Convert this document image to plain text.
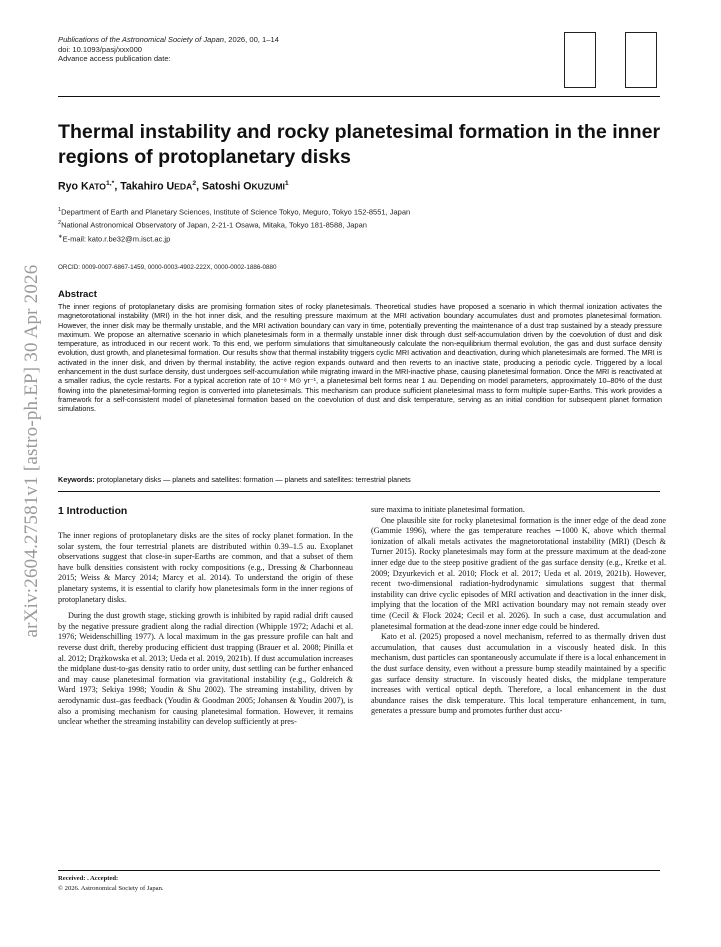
arXiv:2604.27581v1 [astro-ph.EP] 30 Apr 2026
Publications of the Astronomical Society of Japan, 2026, 00, 1–14
doi: 10.1093/pasj/xxx000
Advance access publication date:
Thermal instability and rocky planetesimal formation in the inner regions of protoplanetary disks
Ryo $KATO^{1,*}$, Takahiro UEDA$^2$, Satoshi OKUZUMI$^1$
$^1$Department of Earth and Planetary Sciences, Institute of Science Tokyo, Meguro, Tokyo 152-8551, Japan
$^2$National Astronomical Observatory of Japan, 2-21-1 Osawa, Mitaka, Tokyo 181-8588, Japan
∗E-mail: kato.r.be32@m.isct.ac.jp
ORCID: 0009-0007-6867-1459, 0000-0003-4902-222X, 0000-0002-1886-0880
Abstract
The inner regions of protoplanetary disks are promising formation sites of rocky planetesimals. Theoretical studies have proposed a scenario in which thermal ionization activates the magnetorotational instability (MRI) in the hot inner disk, and the resulting pressure maximum at the MRI activation boundary accumulates dust and promotes planetesimal formation. However, the inner disk may be thermally unstable, and the MRI activation boundary can vary in time, potentially preventing the maintenance of a dust trap sustained by a steady pressure maximum. We propose an alternative scenario in which planetesimals form in a thermally unstable inner disk through dust self-accumulation driven by the coevolution of dust and disk temperature, as introduced in our recent work. To this end, we perform simulations that simultaneously calculate the non-equilibrium thermal evolution, the gas and dust surface density evolution, dust growth, and planetesimal formation. Our results show that thermal instability triggers cyclic MRI activation and deactivation, during which planetesimals are formed. The MRI is activated in the inner disk, and driven by thermal instability, the active region expands outward and then reverts to an inactive state, producing a periodic cycle. Triggered by a local enhancement in the dust surface density, dust undergoes self-accumulation while migrating inward in the MRI-inactive phase, causing planetesimal formation. Once the MRI is reactivated at a smaller radius, the cycle restarts. For a typical accretion rate of 10⁻⁸ M⊙ yr⁻¹, a planetesimal belt forms near 1 au. Depending on model parameters, approximately 10–80% of the dust flowing into the planetesimal-forming region is converted into planetesimals. This mechanism can produce sufficient planetesimal mass to form multiple super-Earths. This work provides a framework for a self-consistent model of planetesimal formation based on the coevolution of dust and disk temperature, serving as an initial condition for subsequent planet formation simulations.
Keywords: protoplanetary disks — planets and satellites: formation — planets and satellites: terrestrial planets
1 Introduction

The inner regions of protoplanetary disks are the sites of rocky planet formation. In the solar system, the four terrestrial planets are distributed within 0.39–1.5 au. Exoplanet observations suggest that close-in super-Earths are common, and that a subset of them have bulk densities consistent with rocky compositions (e.g., Dressing & Charbonneau 2015; Weiss & Marcy 2014; Marcy et al. 2014). To understand the origin of these planetary systems, it is essential to clarify how planetesimals form in the inner regions of protoplanetary disks.

During the dust growth stage, sticking growth is inhibited by rapid radial drift caused by the negative pressure gradient along the radial direction (Whipple 1972; Adachi et al. 1976; Weidenschilling 1977). A local maximum in the gas pressure profile can halt and reverse dust drift, thereby producing efficient dust trapping (Brauer et al. 2008; Pinilla et al. 2012; Drążkowska et al. 2013; Ueda et al. 2019, 2021b). If dust accumulation increases the midplane dust-to-gas density ratio to order unity, dust settling can be further enhanced and may cause planetesimal formation via gravitational instability (e.g., Goldreich & Ward 1973; Sekiya 1998; Youdin & Shu 2002). The streaming instability, driven by aerodynamic dust–gas feedback (Youdin & Goodman 2005; Johansen & Youdin 2007), is also a promising mechanism for causing planetesimal formation. However, it remains unclear whether the streaming instability can develop sufficiently at pres-

sure maxima to initiate planetesimal formation.

One plausible site for rocky planetesimal formation is the inner edge of the dead zone (Gammie 1996), where the gas temperature reaches ∼1000 K, above which thermal ionization of alkali metals activates the magnetorotational instability (MRI) (Desch & Turner 2015). Rocky planetesimals may form at the pressure maximum at the dead-zone inner edge due to the steep positive gradient of the gas surface density (e.g., Kretke et al. 2009; Dzyurkevich et al. 2010; Flock et al. 2017; Ueda et al. 2019, 2021b). However, recent two-dimensional radiation-hydrodynamic simulations suggest that thermal instability can drive cyclic episodes of MRI activation and deactivation in the inner disk, implying that the location of the MRI activation boundary may not remain steady over time (Cecil & Flock 2024; Cecil et al. 2026). In such a case, dust accumulation and planetesimal formation at the dead-zone inner edge could be hindered.

Kato et al. (2025) proposed a novel mechanism, referred to as thermally driven dust accumulation, that causes dust accumulation in a viscously heated disk. In this mechanism, dust particles can spontaneously accumulate if there is a local enhancement in the dust surface density, even without a pressure bump steadily maintained by a specific gas surface density structure. In viscously heated disks, the midplane temperature increases with vertical optical depth. Therefore, a local enhancement in the dust abundance raises the disk temperature. This local temperature enhancement, in turn, generates a pressure bump and promotes further dust accu-

Received: . Accepted:
© 2026. Astronomical Society of Japan.
